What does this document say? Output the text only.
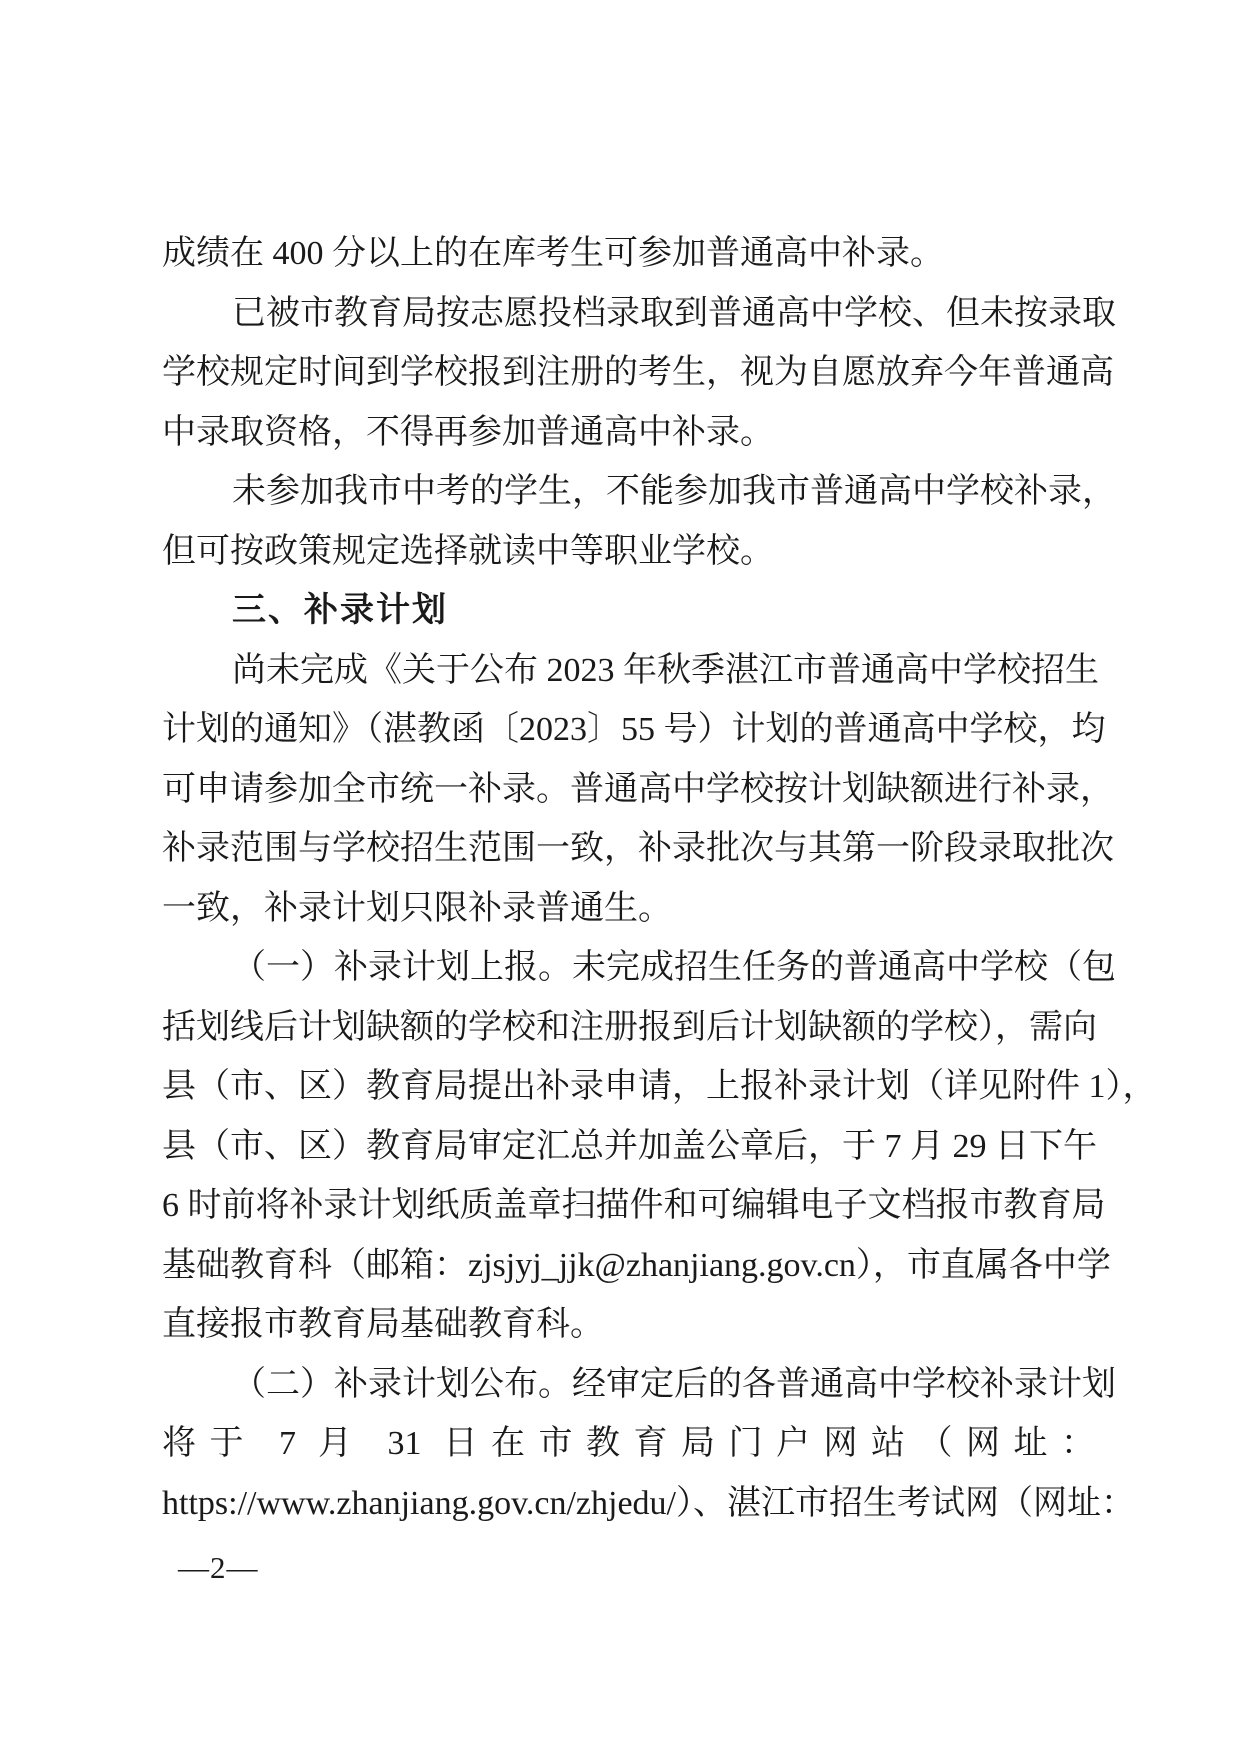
成绩在 400 分以上的在库考生可参加普通高中补录。
已被市教育局按志愿投档录取到普通高中学校、但未按录取
学校规定时间到学校报到注册的考生，视为自愿放弃今年普通高
中录取资格，不得再参加普通高中补录。
未参加我市中考的学生，不能参加我市普通高中学校补录，
但可按政策规定选择就读中等职业学校。
三、补录计划
尚未完成《关于公布 2023 年秋季湛江市普通高中学校招生
计划的通知》（湛教函〔2023〕55 号）计划的普通高中学校，均
可申请参加全市统一补录。普通高中学校按计划缺额进行补录，
补录范围与学校招生范围一致，补录批次与其第一阶段录取批次
一致，补录计划只限补录普通生。
（一）补录计划上报。未完成招生任务的普通高中学校（包
括划线后计划缺额的学校和注册报到后计划缺额的学校），需向
县（市、区）教育局提出补录申请，上报补录计划（详见附件 1），
县（市、区）教育局审定汇总并加盖公章后，于 7 月 29 日下午
6 时前将补录计划纸质盖章扫描件和可编辑电子文档报市教育局
基础教育科（邮箱：zjsjyj_jjk@zhanjiang.gov.cn），市直属各中学
直接报市教育局基础教育科。
（二）补录计划公布。经审定后的各普通高中学校补录计划
将于 7 月 31 日在市教育局门户网站（网址：
https://www.zhanjiang.gov.cn/zhjedu/）、湛江市招生考试网（网址：
—2—
